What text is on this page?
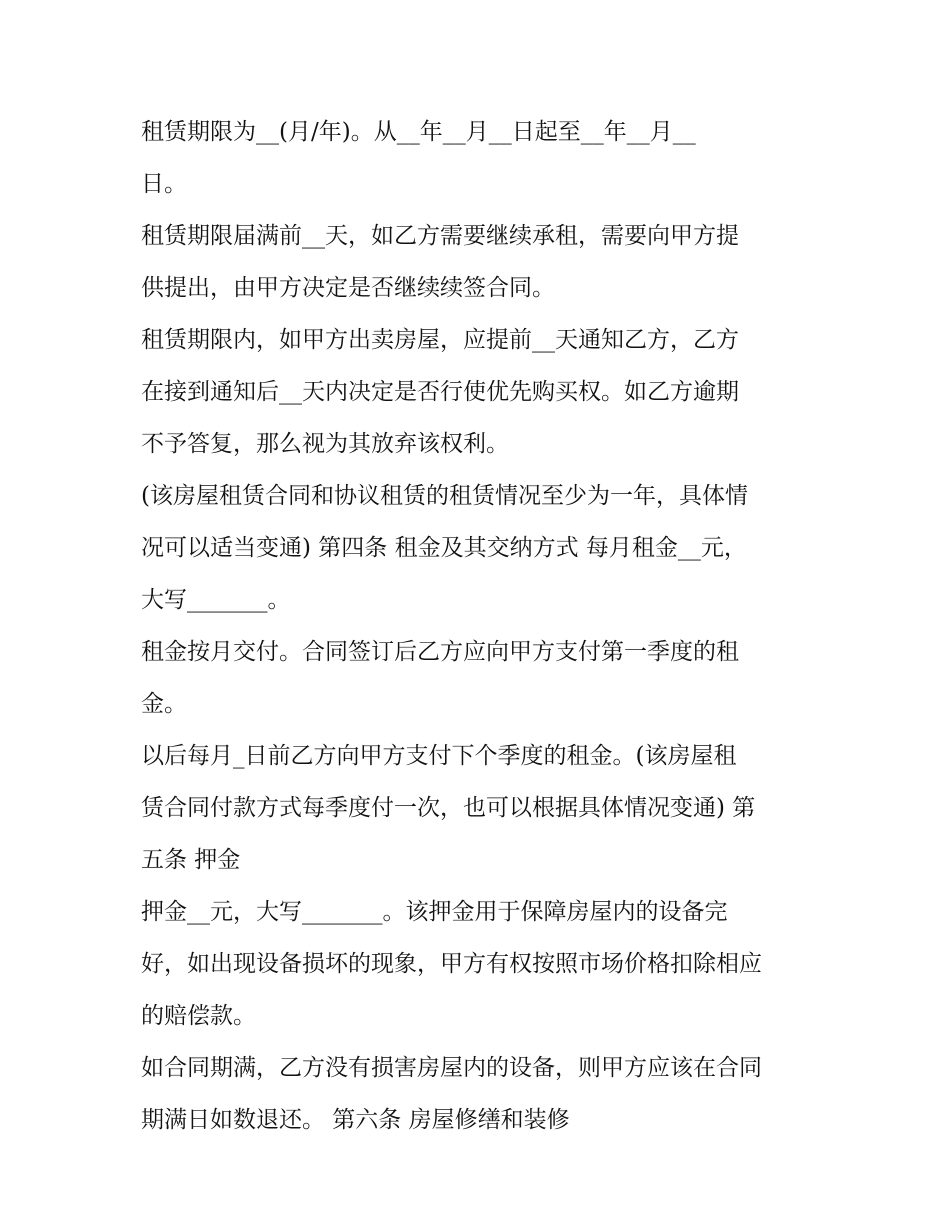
租赁期限为__(月/年)。从__年__月__日起至__年__月__
日。
租赁期限届满前__天，如乙方需要继续承租，需要向甲方提
供提出，由甲方决定是否继续续签合同。
租赁期限内，如甲方出卖房屋，应提前__天通知乙方，乙方
在接到通知后__天内决定是否行使优先购买权。如乙方逾期
不予答复，那么视为其放弃该权利。
(该房屋租赁合同和协议租赁的租赁情况至少为一年，具体情
况可以适当变通) 第四条 租金及其交纳方式 每月租金__元，
大写_______。
租金按月交付。合同签订后乙方应向甲方支付第一季度的租
金。
以后每月_日前乙方向甲方支付下个季度的租金。(该房屋租
赁合同付款方式每季度付一次，也可以根据具体情况变通) 第
五条 押金
押金__元，大写_______。该押金用于保障房屋内的设备完
好，如出现设备损坏的现象，甲方有权按照市场价格扣除相应
的赔偿款。
如合同期满，乙方没有损害房屋内的设备，则甲方应该在合同
期满日如数退还。 第六条 房屋修缮和装修
